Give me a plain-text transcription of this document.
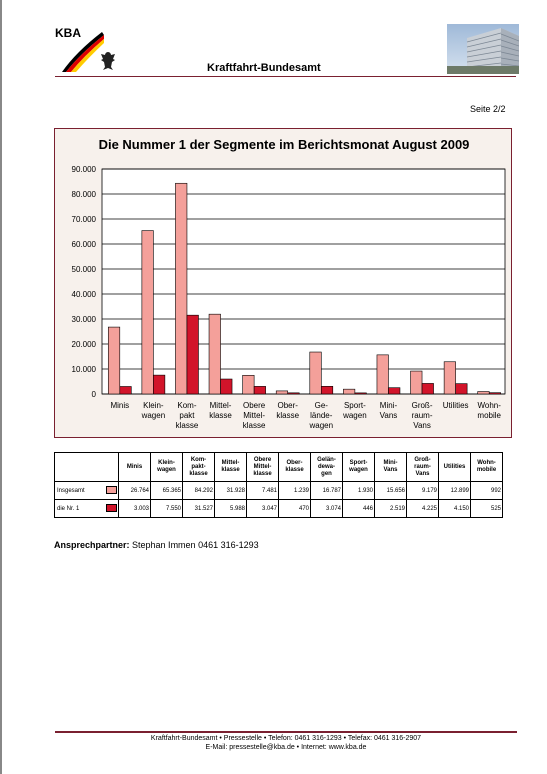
KBA
Kraftfahrt-Bundesamt
Seite 2/2
Die Nummer 1 der Segmente im Berichtsmonat August 2009
0
10.000
20.000
30.000
40.000
50.000
60.000
70.000
80.000
90.000
Minis Klein-
wagen
Kom-
pakt
klasse
Mittel-
klasse
Obere
Mittel-
klasse
Ober-
klasse
Ge-
lände-
wagen
Sport-
wagen
Mini-
Vans
Groß-
raum-
Vans
Utilities Wohn-
mobile
		Minis	Klein-
wagen	Kom-
pakt-
klasse	Mittel-
klasse	Obere
Mittel-
klasse	Ober-
klasse	Gelän-
dewa-
gen	Sport-
wagen	Mini-
Vans	Groß-
raum-
Vans	Utilities	Wohn-
mobile
Insgesamt		26.764	65.365	84.292	31.928	7.481	1.239	16.787	1.930	15.656	9.179	12.899	992
die Nr. 1		3.003	7.550	31.527	5.988	3.047	470	3.074	446	2.519	4.225	4.150	525
Ansprechpartner: Stephan Immen 0461 316-1293
Kraftfahrt-Bundesamt • Pressestelle • Telefon: 0461 316-1293 • Telefax: 0461 316-2907
E-Mail: pressestelle@kba.de • Internet: www.kba.de
